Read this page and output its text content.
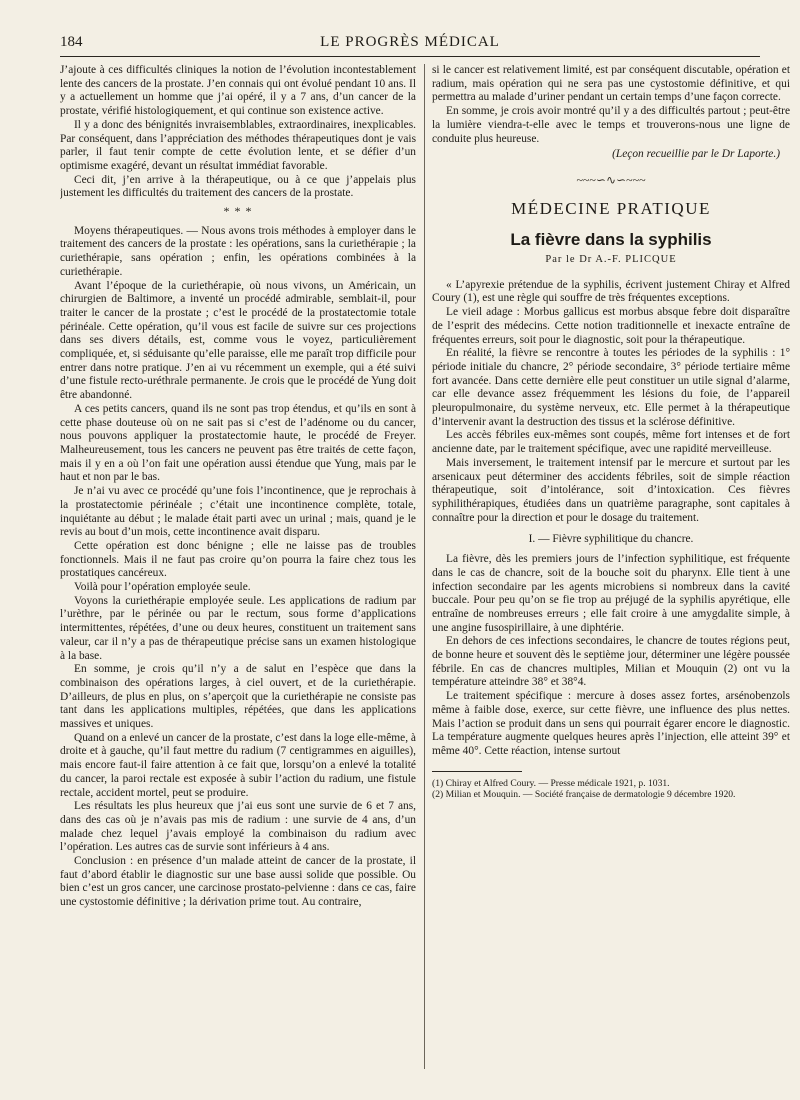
184	LE PROGRÈS MÉDICAL

J’ajoute à ces difficultés cliniques la notion de l’évolution incontestablement lente des cancers de la prostate. J’en connais qui ont évolué pendant 10 ans. Il y a actuellement un homme que j’ai opéré, il y a 7 ans, d’un cancer de la prostate, vérifié histologiquement, et qui continue son existence active.

Il y a donc des bénignités invraisemblables, extraordinaires, inexplicables. Par conséquent, dans l’appréciation des méthodes thérapeutiques dont je vais parler, il faut tenir compte de cette évolution lente, et se défier d’un optimisme exagéré, devant un résultat immédiat favorable.

Ceci dit, j’en arrive à la thérapeutique, ou à ce que j’appelais plus justement les difficultés du traitement des cancers de la prostate.

* * *

Moyens thérapeutiques. — Nous avons trois méthodes à employer dans le traitement des cancers de la prostate : les opérations, sans la curiethérapie ; la curiethérapie, sans opération ; enfin, les opérations combinées à la curiethérapie.

Avant l’époque de la curiethérapie, où nous vivons, un Américain, un chirurgien de Baltimore, a inventé un procédé admirable, semblait-il, pour traiter le cancer de la prostate ; c’est le procédé de la prostatectomie totale périnéale. Cette opération, qu’il vous est facile de suivre sur ces projections dans ses divers détails, est, comme vous le voyez, particulièrement compliquée, et, si séduisante qu’elle paraisse, elle me paraît trop difficile pour entrer dans notre pratique. J’en ai vu récemment un exemple, qui a été suivi d’une fistule recto-uréthrale permanente. Je crois que le procédé de Yung doit être abandonné.

A ces petits cancers, quand ils ne sont pas trop étendus, et qu’ils en sont à cette phase douteuse où on ne sait pas si c’est de l’adénome ou du cancer, nous pouvons appliquer la prostatectomie haute, le procédé de Freyer. Malheureusement, tous les cancers ne peuvent pas être traités de cette façon, mais il y en a où l’on fait une opération aussi étendue que Yung, mais par le haut et non par le bas.

Je n’ai vu avec ce procédé qu’une fois l’incontinence, que je reprochais à la prostatectomie périnéale ; c’était une incontinence complète, totale, inquiétante au début ; le malade était parti avec un urinal ; mais, quand je le revis au bout d’un mois, cette incontinence avait disparu.

Cette opération est donc bénigne ; elle ne laisse pas de troubles fonctionnels. Mais il ne faut pas croire qu’on pourra la faire chez tous les prostatiques cancéreux.

Voilà pour l’opération employée seule.

Voyons la curiethérapie employée seule. Les applications de radium par l’urèthre, par le périnée ou par le rectum, sous forme d’applications intermittentes, répétées, d’une ou deux heures, constituent un traitement sans valeur, car il n’y a pas de thérapeutique précise sans un examen histologique à la base.

En somme, je crois qu’il n’y a de salut en l’espèce que dans la combinaison des opérations larges, à ciel ouvert, et de la curiethérapie. D’ailleurs, de plus en plus, on s’aperçoit que la curiethérapie ne consiste pas tant dans les applications multiples, répétées, que dans les applications massives et uniques.

Quand on a enlevé un cancer de la prostate, c’est dans la loge elle-même, à droite et à gauche, qu’il faut mettre du radium (7 centigrammes en aiguilles), mais encore faut-il faire attention à ce fait que, lorsqu’on a enlevé la totalité du cancer, la paroi rectale est exposée à subir l’action du radium, une fistule rectale, accident mortel, peut se produire.

Les résultats les plus heureux que j’ai eus sont une survie de 6 et 7 ans, dans des cas où je n’avais pas mis de radium : une survie de 4 ans, d’un malade chez lequel j’avais employé la combinaison du radium avec l’opération. Les autres cas de survie sont inférieurs à 4 ans.

Conclusion : en présence d’un malade atteint de cancer de la prostate, il faut d’abord établir le diagnostic sur une base aussi solide que possible. Ou bien c’est un gros cancer, une carcinose prostato-pelvienne : dans ce cas, faire une cystostomie définitive ; la dérivation prime tout. Au contraire,

si le cancer est relativement limité, est par conséquent discutable, opération et radium, mais opération qui ne sera pas une cystostomie définitive, et qui permettra au malade d’uriner pendant un certain temps d’une façon correcte.

En somme, je crois avoir montré qu’il y a des difficultés partout ; peut-être la lumière viendra-t-elle avec le temps et trouverons-nous une ligne de conduite plus heureuse.

(Leçon recueillie par le Dr Laporte.)
~~~∽∿∽~~~
MÉDECINE PRATIQUE
La fièvre dans la syphilis
Par le Dr A.-F. PLICQUE

« L’apyrexie prétendue de la syphilis, écrivent justement Chiray et Alfred Coury (1), est une règle qui souffre de très fréquentes exceptions.

Le vieil adage : Morbus gallicus est morbus absque febre doit disparaître de l’esprit des médecins. Cette notion traditionnelle et inexacte entraîne de fréquentes erreurs, soit pour le diagnostic, soit pour la thérapeutique.

En réalité, la fièvre se rencontre à toutes les périodes de la syphilis : 1° période initiale du chancre, 2° période secondaire, 3° période tertiaire même fort avancée. Dans cette dernière elle peut constituer un utile signal d’alarme, car elle devance assez fréquemment les lésions du foie, de l’appareil pleuropulmonaire, du système nerveux, etc. Elle permet à la thérapeutique d’intervenir avant la destruction des tissus et la sclérose définitive.

Les accès fébriles eux-mêmes sont coupés, même fort intenses et de fort ancienne date, par le traitement spécifique, avec une rapidité merveilleuse.

Mais inversement, le traitement intensif par le mercure et surtout par les arsenicaux peut déterminer des accidents fébriles, soit de simple réaction thérapeutique, soit d’intolérance, soit d’intoxication. Ces fièvres syphilithérapiques, étudiées dans un quatrième paragraphe, sont capitales à connaître pour la direction et pour le dosage du traitement.

I. — Fièvre syphilitique du chancre.

La fièvre, dès les premiers jours de l’infection syphilitique, est fréquente dans le cas de chancre, soit de la bouche soit du pharynx. Elle tient à une infection secondaire par les agents microbiens si nombreux dans la cavité buccale. Pour peu qu’on se fie trop au préjugé de la syphilis apyrétique, elle entraîne de nombreuses erreurs ; elle fait croire à une amygdalite simple, à une angine fusospirillaire, à une diphtérie.

En dehors de ces infections secondaires, le chancre de toutes régions peut, de bonne heure et souvent dès le septième jour, déterminer une légère poussée fébrile. En cas de chancres multiples, Milian et Mouquin (2) ont vu la température atteindre 38° et 38°4.

Le traitement spécifique : mercure à doses assez fortes, arsénobenzols même à faible dose, exerce, sur cette fièvre, une influence des plus nettes. Mais l’action se produit dans un sens qui pourrait égarer encore le diagnostic. La température augmente quelques heures après l’injection, elle atteint 39° et même 40°. Cette réaction, intense surtout

(1) Chiray et Alfred Coury. — Presse médicale 1921, p. 1031.
(2) Milian et Mouquin. — Société française de dermatologie 9 décembre 1920.
